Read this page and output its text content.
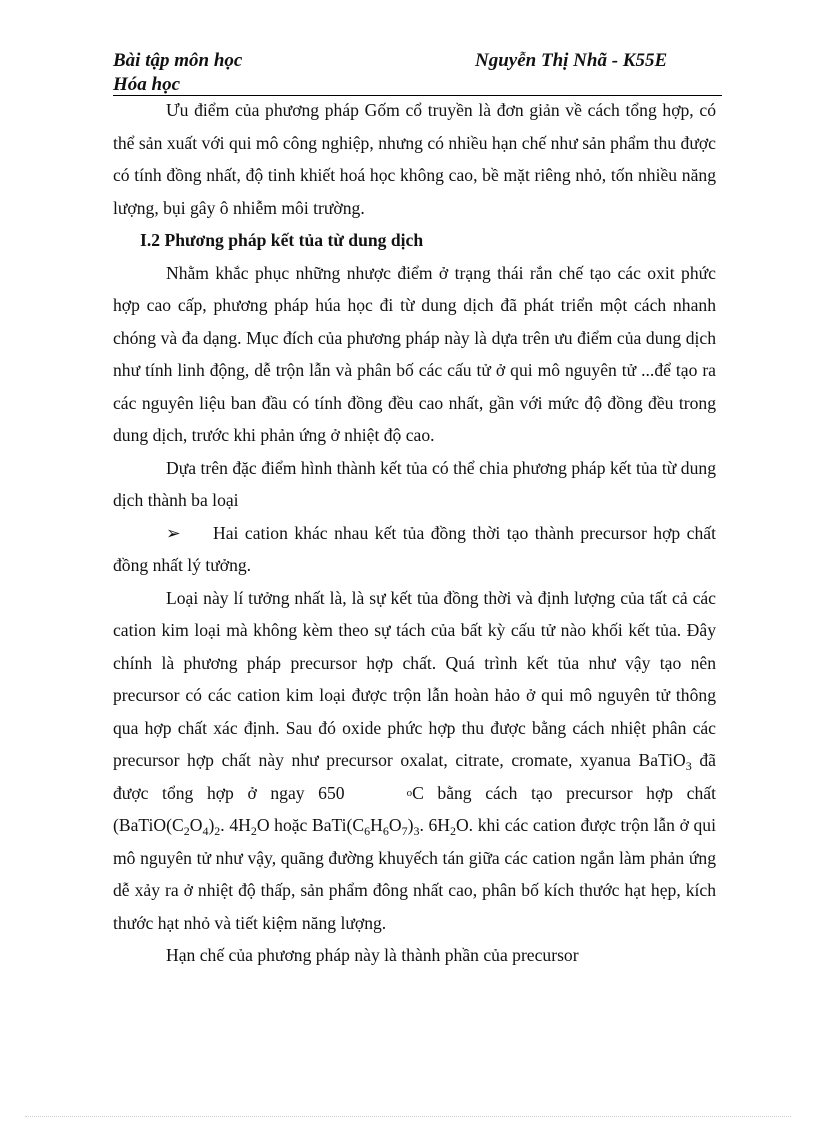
Bài tập môn học	Nguyễn Thị Nhã - K55E
Hóa học

Ưu điểm của phương pháp Gốm cổ truyền là đơn giản về cách tổng hợp, có thể sản xuất với qui mô công nghiệp, nhưng có nhiều hạn chế như sản phẩm thu được có tính đồng nhất, độ tinh khiết hoá học không cao, bề mặt riêng nhỏ, tốn nhiều năng lượng, bụi gây ô nhiễm môi trường.

I.2 Phương pháp kết tủa từ dung dịch

Nhằm khắc phục những nhược điểm ở trạng thái rắn chế tạo các oxit phức hợp cao cấp, phương pháp húa học đi từ dung dịch đã phát triển một cách nhanh chóng và đa dạng. Mục đích của phương pháp này là dựa trên ưu điểm của dung dịch như tính linh động, dễ trộn lẫn và phân bố các cấu tử ở qui mô nguyên tử ...để tạo ra các nguyên liệu ban đầu có tính đồng đều cao nhất, gần với mức độ đồng đều trong dung dịch, trước khi phản ứng ở nhiệt độ cao.

Dựa trên đặc điểm hình thành kết tủa có thể chia phương pháp kết tủa từ dung dịch thành ba loại

➢ Hai cation khác nhau kết tủa đồng thời tạo thành precursor hợp chất đồng nhất lý tưởng.

Loại này lí tưởng nhất là, là sự kết tủa đồng thời và định lượng của tất cả các cation kim loại mà không kèm theo sự tách của bất kỳ cấu tử nào khối kết tủa. Đây chính là phương pháp precursor hợp chất. Quá trình kết tủa như vậy tạo nên precursor có các cation kim loại được trộn lẫn hoàn hảo ở qui mô nguyên tử thông qua hợp chất xác định. Sau đó oxide phức hợp thu được bằng cách nhiệt phân các precursor hợp chất này như precursor oxalat, citrate, cromate, xyanua BaTiO$_3$ đã được tổng hợp ở ngay 650	$^o$C bằng cách tạo precursor hợp chất ($BaTiO(C_2O_4)_2$. $4H_2O$ hoặc $BaTi(C_6H_6O_7)_3$. $6H_2O$. khi các cation được trộn lẫn ở qui mô nguyên tử như vậy, quãng đường khuyếch tán giữa các cation ngắn làm phản ứng dễ xảy ra ở nhiệt độ thấp, sản phẩm đông nhất cao, phân bố kích thước hạt hẹp, kích thước hạt nhỏ và tiết kiệm năng lượng.

Hạn chế của phương pháp này là thành phần của precursor
